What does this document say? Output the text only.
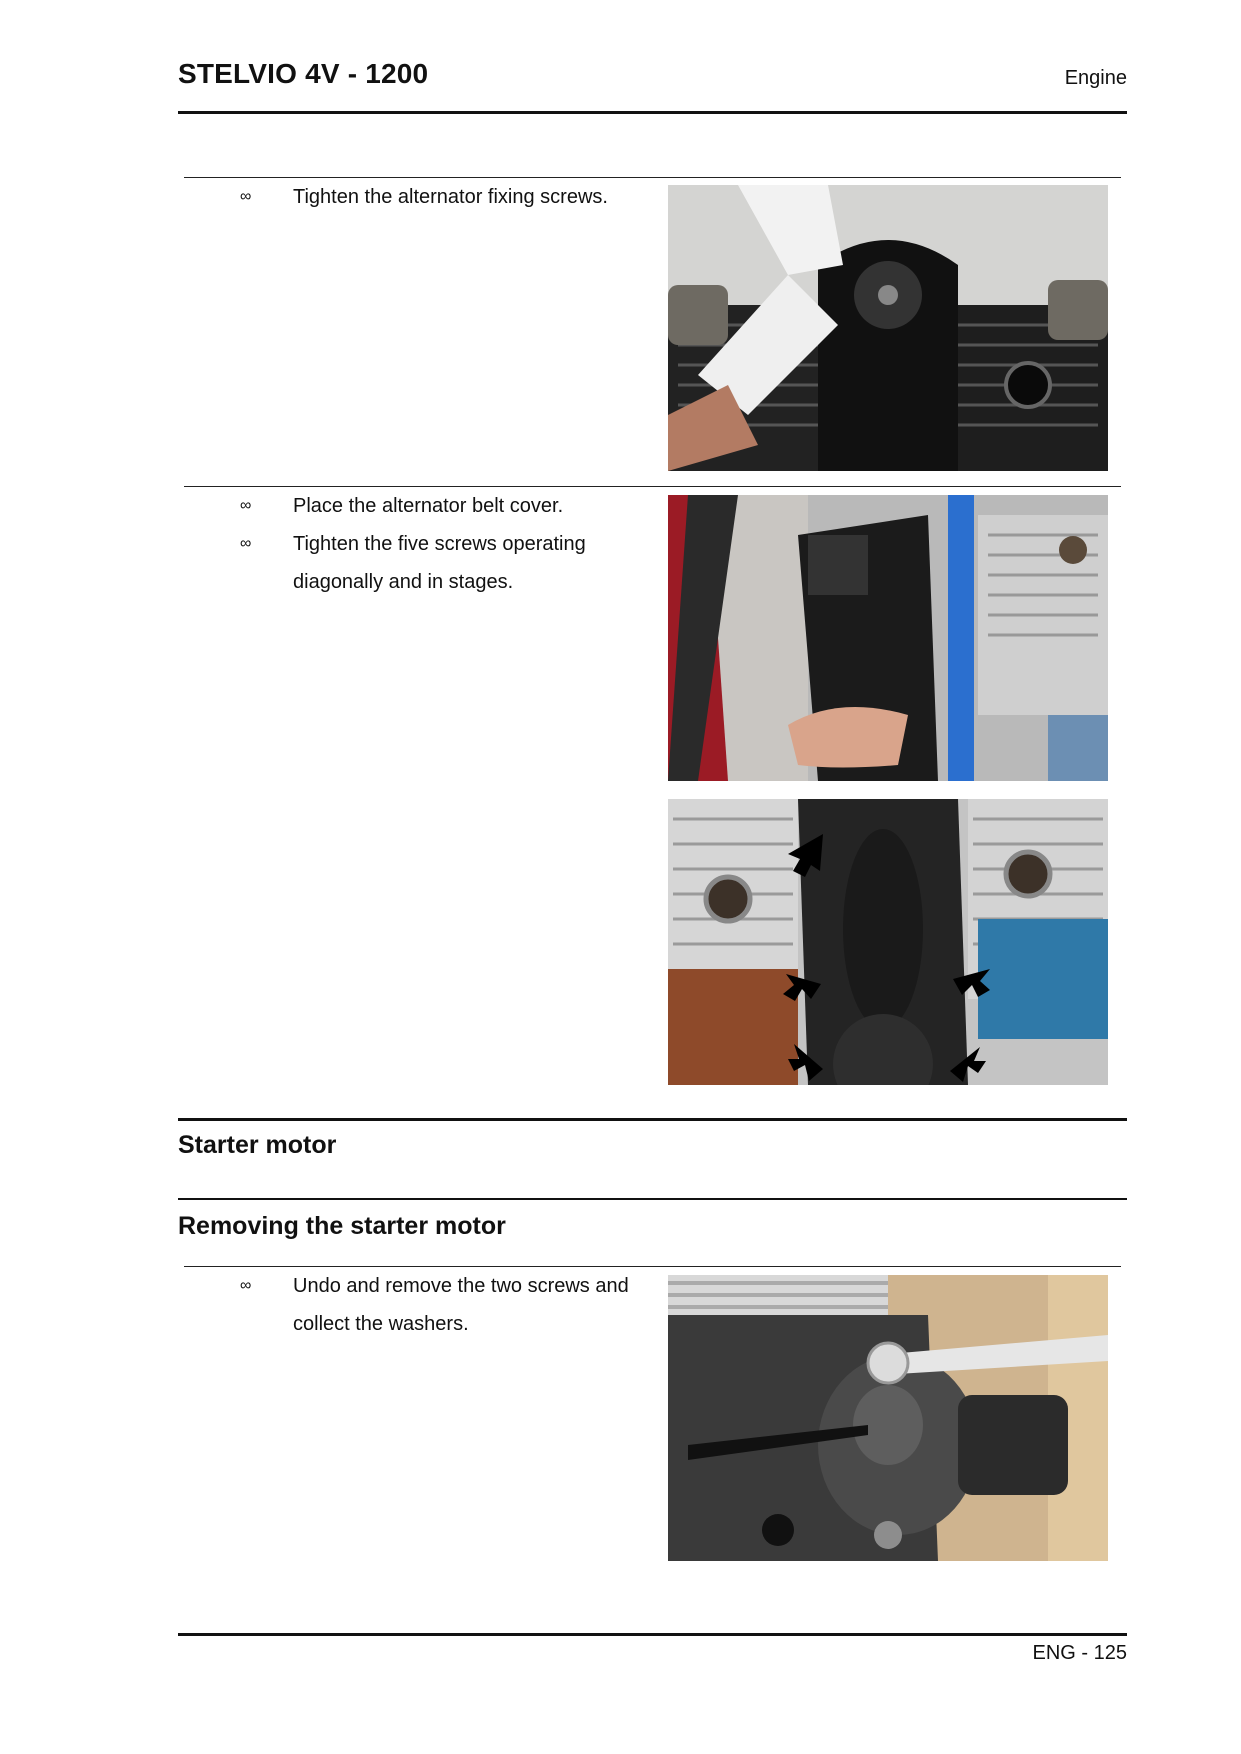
STELVIO 4V - 1200	Engine
∞	Tighten the alternator fixing screws.
∞	Place the alternator belt cover.
∞	Tighten the five screws operating diagonally and in stages.
Starter motor
Removing the starter motor
∞	Undo and remove the two screws and collect the washers.
ENG - 125
